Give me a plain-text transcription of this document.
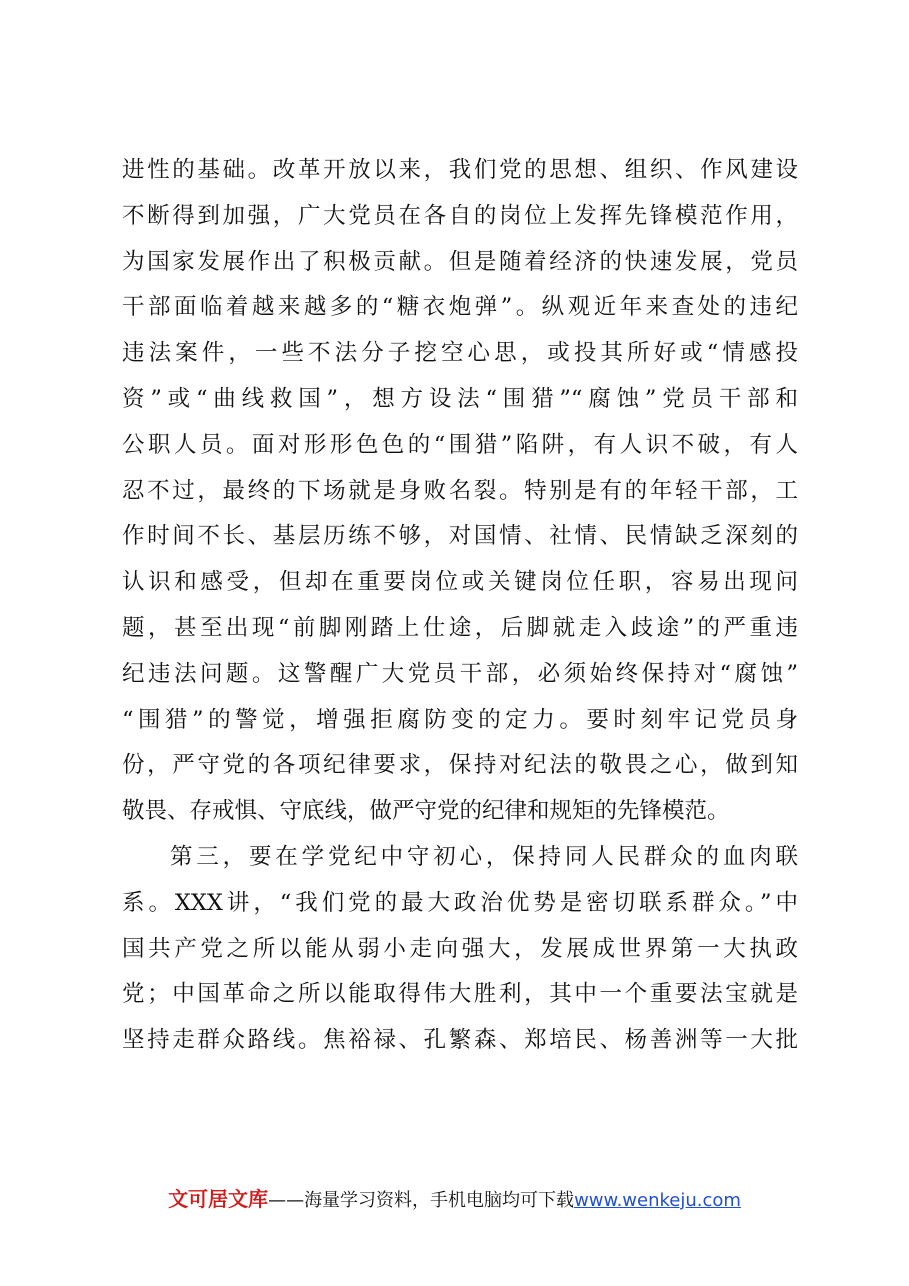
进性的基础。改革开放以来，我们党的思想、组织、作风建设
不断得到加强，广大党员在各自的岗位上发挥先锋模范作用，
为国家发展作出了积极贡献。但是随着经济的快速发展，党员
干部面临着越来越多的“糖衣炮弹”。纵观近年来查处的违纪
违法案件，一些不法分子挖空心思，或投其所好或“情感投
资”或“曲线救国”，想方设法“围猎”“腐蚀”党员干部和
公职人员。面对形形色色的“围猎”陷阱，有人识不破，有人
忍不过，最终的下场就是身败名裂。特别是有的年轻干部，工
作时间不长、基层历练不够，对国情、社情、民情缺乏深刻的
认识和感受，但却在重要岗位或关键岗位任职，容易出现问
题，甚至出现“前脚刚踏上仕途，后脚就走入歧途”的严重违
纪违法问题。这警醒广大党员干部，必须始终保持对“腐蚀”
“围猎”的警觉，增强拒腐防变的定力。要时刻牢记党员身
份，严守党的各项纪律要求，保持对纪法的敬畏之心，做到知
敬畏、存戒惧、守底线，做严守党的纪律和规矩的先锋模范。
第三，要在学党纪中守初心，保持同人民群众的血肉联
系。XXX讲，“我们党的最大政治优势是密切联系群众。”中
国共产党之所以能从弱小走向强大，发展成世界第一大执政
党；中国革命之所以能取得伟大胜利，其中一个重要法宝就是
坚持走群众路线。焦裕禄、孔繁森、郑培民、杨善洲等一大批
文可居文库——海量学习资料，手机电脑均可下载www.wenkeju.com
